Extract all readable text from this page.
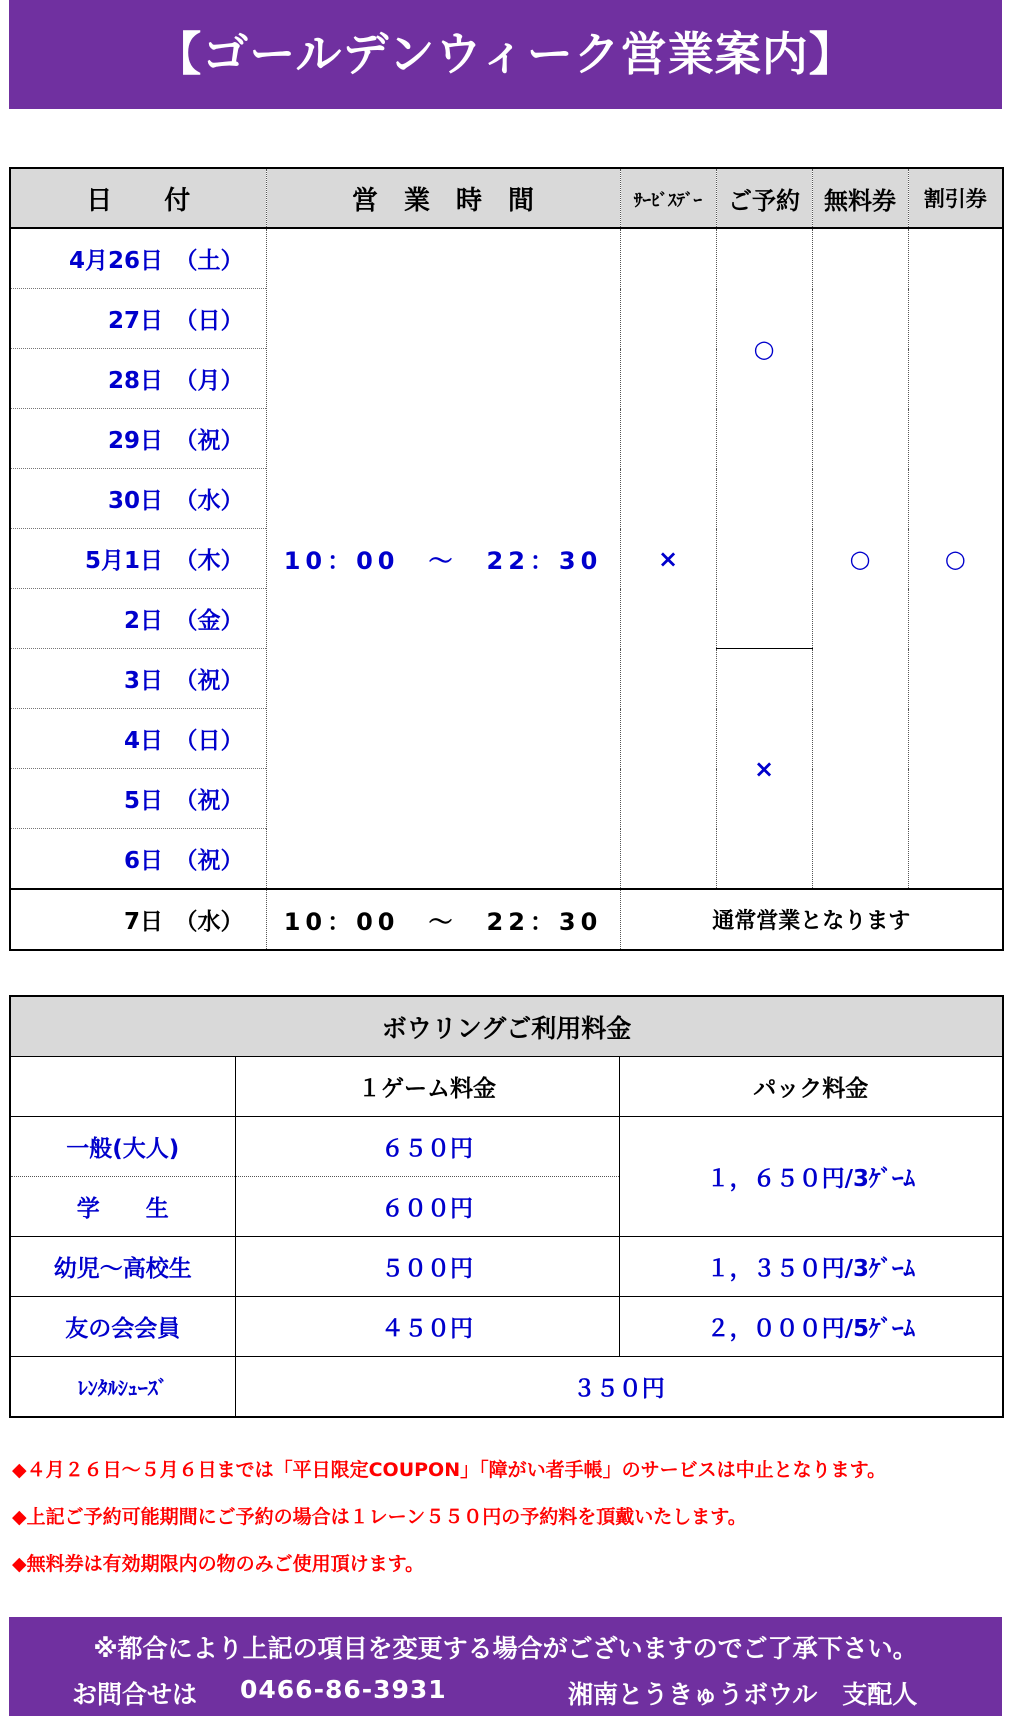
【ゴールデンウィーク営業案内】
日　　付	営　業　時　間	ｻｰﾋﾞｽﾃﾞｰ	ご予約	無料券	割引券
4月26日　（土）	10：00　～　22：30	×	○	○	○
27日　（日）					
28日　（月）					
29日　（祝）					
30日　（水）					
5月1日　（木）					
2日　（金）					
3日　（祝）			×		
4日　（日）					
5日　（祝）					
6日　（祝）					
7日　（水）	10：00　～　22：30	通常営業となります			
ボウリングご利用料金		
	１ゲーム料金	パック料金
一般(大人)	６５０円	１，６５０円/3ｹﾞｰﾑ
学　　生	６００円	
幼児～高校生	５００円	１，３５０円/3ｹﾞｰﾑ
友の会会員	４５０円	２，０００円/5ｹﾞｰﾑ
ﾚﾝﾀﾙｼｭｰｽﾞ	３５０円	
◆４月２６日～５月６日までは「平日限定COUPON」「障がい者手帳」のサービスは中止となります。
◆上記ご予約可能期間にご予約の場合は１レーン５５０円の予約料を頂戴いたします。
◆無料券は有効期限内の物のみご使用頂けます。
※都合により上記の項目を変更する場合がございますのでご了承下さい。
お問合せは 0466-86-3931	湘南とうきゅうボウル　支配人
